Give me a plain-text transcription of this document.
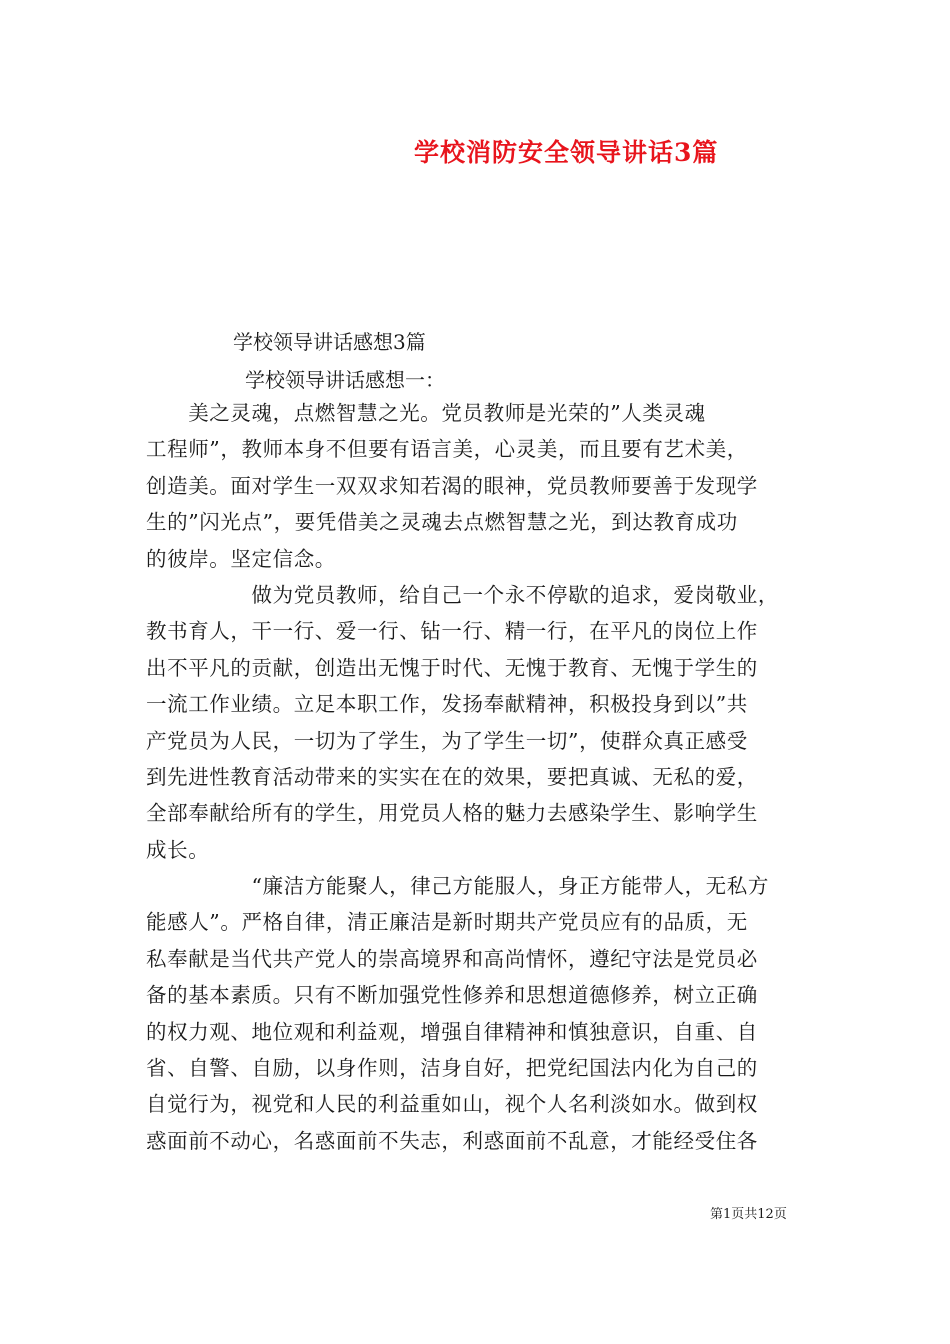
学校消防安全领导讲话3篇
学校领导讲话感想3篇
学校领导讲话感想一：
　　美之灵魂，点燃智慧之光。党员教师是光荣的”人类灵魂
工程师”，教师本身不但要有语言美，心灵美，而且要有艺术美，
创造美。面对学生一双双求知若渴的眼神，党员教师要善于发现学
生的”闪光点”，要凭借美之灵魂去点燃智慧之光，到达教育成功
的彼岸。坚定信念。
　　　　　做为党员教师，给自己一个永不停歇的追求，爱岗敬业，
教书育人，干一行、爱一行、钻一行、精一行，在平凡的岗位上作
出不平凡的贡献，创造出无愧于时代、无愧于教育、无愧于学生的
一流工作业绩。立足本职工作，发扬奉献精神，积极投身到以”共
产党员为人民，一切为了学生，为了学生一切”，使群众真正感受
到先进性教育活动带来的实实在在的效果，要把真诚、无私的爱，
全部奉献给所有的学生，用党员人格的魅力去感染学生、影响学生
成长。
　　　　　“廉洁方能聚人，律己方能服人，身正方能带人，无私方
能感人”。严格自律，清正廉洁是新时期共产党员应有的品质，无
私奉献是当代共产党人的崇高境界和高尚情怀，遵纪守法是党员必
备的基本素质。只有不断加强党性修养和思想道德修养，树立正确
的权力观、地位观和利益观，增强自律精神和慎独意识，自重、自
省、自警、自励，以身作则，洁身自好，把党纪国法内化为自己的
自觉行为，视党和人民的利益重如山，视个人名利淡如水。做到权
惑面前不动心，名惑面前不失志，利惑面前不乱意，才能经受住各
第1页共12页
